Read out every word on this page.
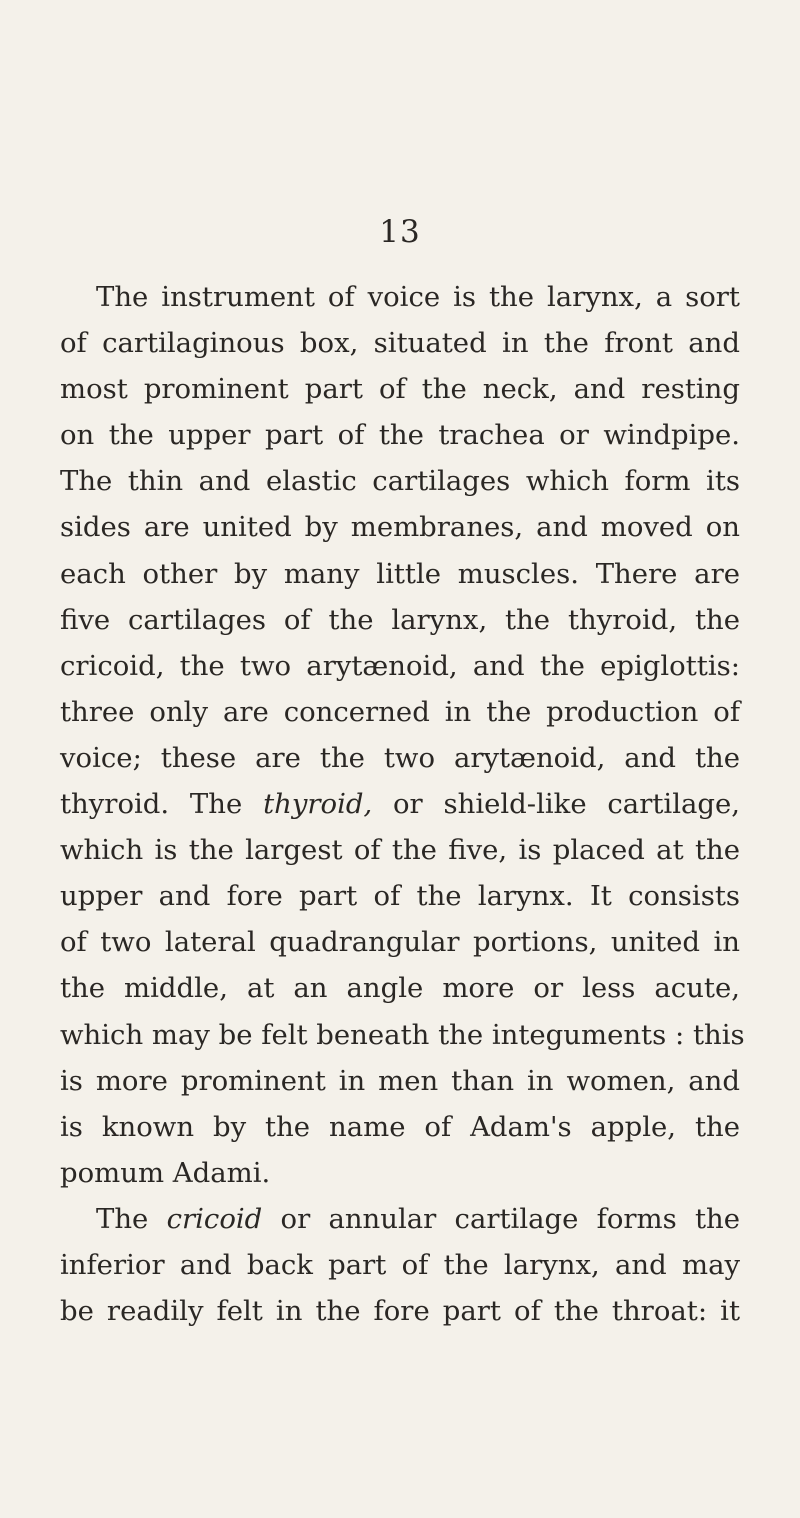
13
The instrument of voice is the larynx, a sort
of cartilaginous box, situated in the front and
most prominent part of the neck, and resting
on the upper part of the trachea or windpipe.
The thin and elastic cartilages which form its
sides are united by membranes, and moved on
each other by many little muscles. There are
five cartilages of the larynx, the thyroid, the
cricoid, the two arytænoid, and the epiglottis:
three only are concerned in the production of
voice; these are the two arytænoid, and the
thyroid. The thyroid, or shield-like cartilage,
which is the largest of the five, is placed at the
upper and fore part of the larynx. It consists
of two lateral quadrangular portions, united in
the middle, at an angle more or less acute,
which may be felt beneath the integuments : this
is more prominent in men than in women, and
is known by the name of Adam's apple, the
pomum Adami.
The cricoid or annular cartilage forms the
inferior and back part of the larynx, and may
be readily felt in the fore part of the throat: it
